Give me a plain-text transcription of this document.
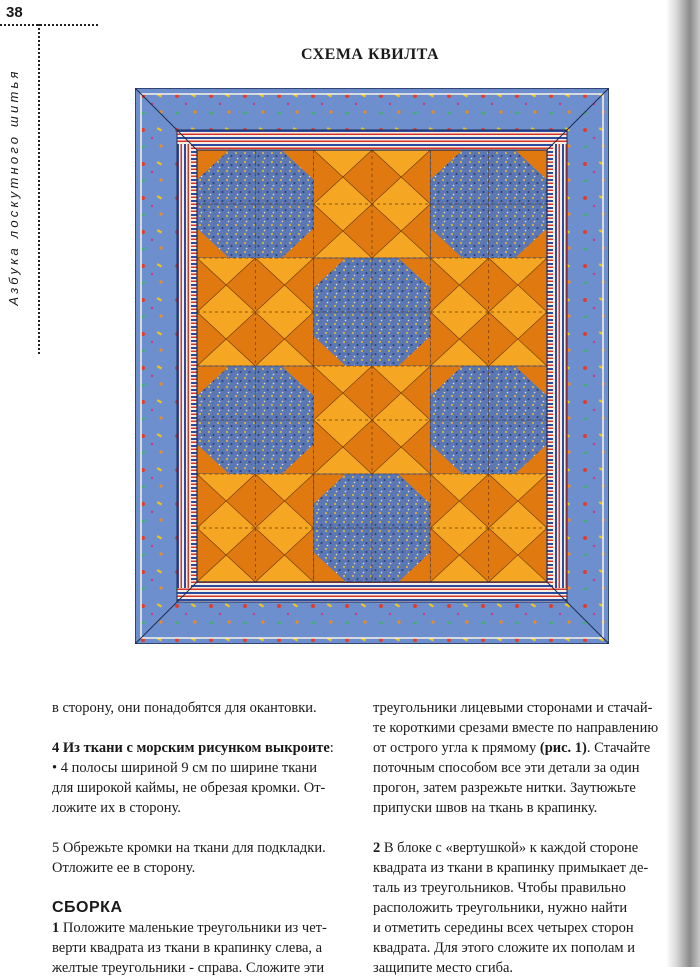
38
Азбука лоскутного шитья
СХЕМА КВИЛТА

в сторону, они понадобятся для окантовки.

4 Из ткани с морским рисунком выкроите:

• 4 полосы шириной 9 см по ширине ткани

для широкой каймы, не обрезая кромки. От-

ложите их в сторону.

5 Обрежьте кромки на ткани для подкладки.

Отложите ее в сторону.

СБОРКА

1 Положите маленькие треугольники из чет-

верти квадрата из ткани в крапинку слева, а

желтые треугольники - справа. Сложите эти

треугольники лицевыми сторонами и стачай-

те короткими срезами вместе по направлению

от острого угла к прямому (рис. 1). Стачайте

поточным способом все эти детали за один

прогон, затем разрежьте нитки. Заутюжьте

припуски швов на ткань в крапинку.

2 В блоке с «вертушкой» к каждой стороне

квадрата из ткани в крапинку примыкает де-

таль из треугольников. Чтобы правильно

расположить треугольники, нужно найти

и отметить середины всех четырех сторон

квадрата. Для этого сложите их пополам и

защипите место сгиба.
